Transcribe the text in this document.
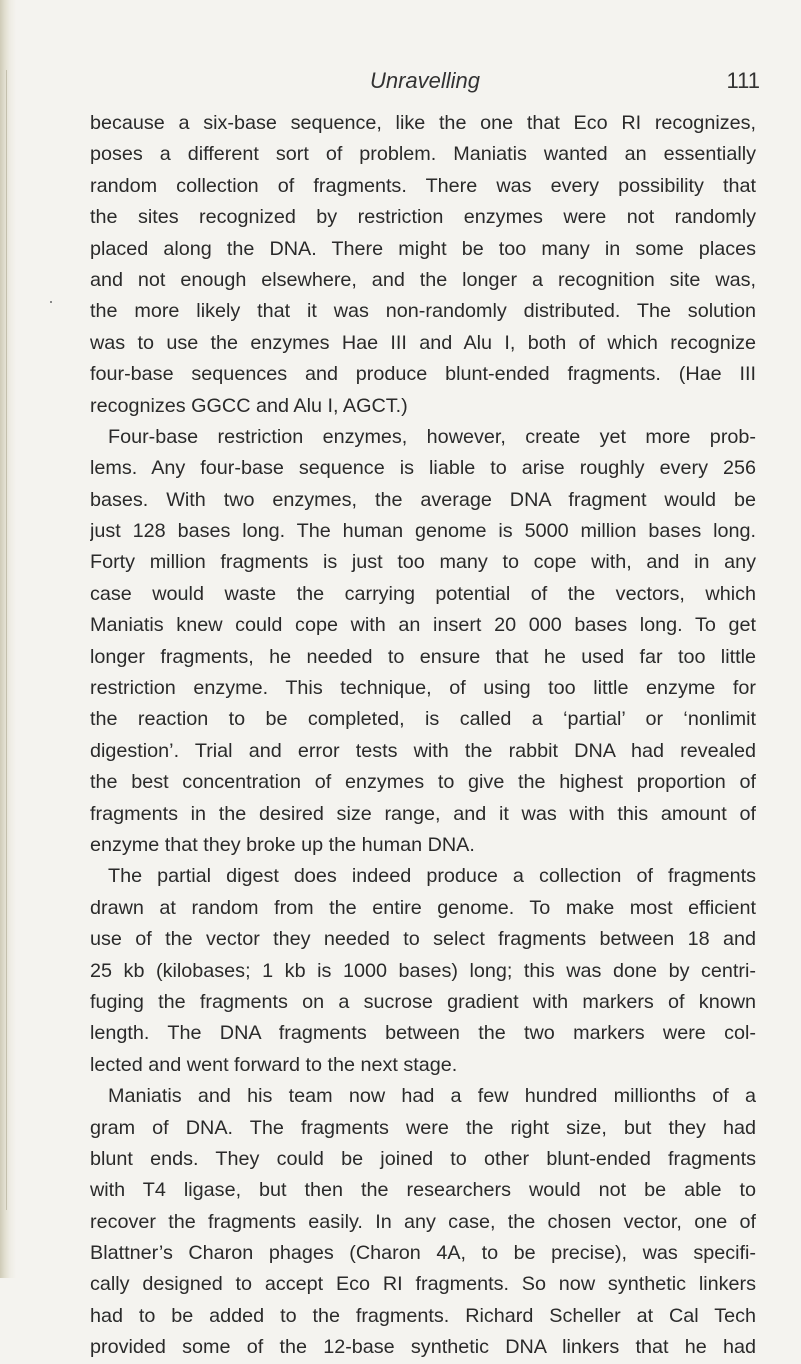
Unravelling	111
because a six-base sequence, like the one that Eco RI recognizes,
poses a different sort of problem. Maniatis wanted an essentially
random collection of fragments. There was every possibility that
the sites recognized by restriction enzymes were not randomly
placed along the DNA. There might be too many in some places
and not enough elsewhere, and the longer a recognition site was,
the more likely that it was non-randomly distributed. The solution
was to use the enzymes Hae III and Alu I, both of which recognize
four-base sequences and produce blunt-ended fragments. (Hae III
recognizes GGCC and Alu I, AGCT.)
Four-base restriction enzymes, however, create yet more prob-
lems. Any four-base sequence is liable to arise roughly every 256
bases. With two enzymes, the average DNA fragment would be
just 128 bases long. The human genome is 5000 million bases long.
Forty million fragments is just too many to cope with, and in any
case would waste the carrying potential of the vectors, which
Maniatis knew could cope with an insert 20 000 bases long. To get
longer fragments, he needed to ensure that he used far too little
restriction enzyme. This technique, of using too little enzyme for
the reaction to be completed, is called a ‘partial’ or ‘nonlimit
digestion’. Trial and error tests with the rabbit DNA had revealed
the best concentration of enzymes to give the highest proportion of
fragments in the desired size range, and it was with this amount of
enzyme that they broke up the human DNA.
The partial digest does indeed produce a collection of fragments
drawn at random from the entire genome. To make most efficient
use of the vector they needed to select fragments between 18 and
25 kb (kilobases; 1 kb is 1000 bases) long; this was done by centri-
fuging the fragments on a sucrose gradient with markers of known
length. The DNA fragments between the two markers were col-
lected and went forward to the next stage.
Maniatis and his team now had a few hundred millionths of a
gram of DNA. The fragments were the right size, but they had
blunt ends. They could be joined to other blunt-ended fragments
with T4 ligase, but then the researchers would not be able to
recover the fragments easily. In any case, the chosen vector, one of
Blattner’s Charon phages (Charon 4A, to be precise), was specifi-
cally designed to accept Eco RI fragments. So now synthetic linkers
had to be added to the fragments. Richard Scheller at Cal Tech
provided some of the 12-base synthetic DNA linkers that he had
